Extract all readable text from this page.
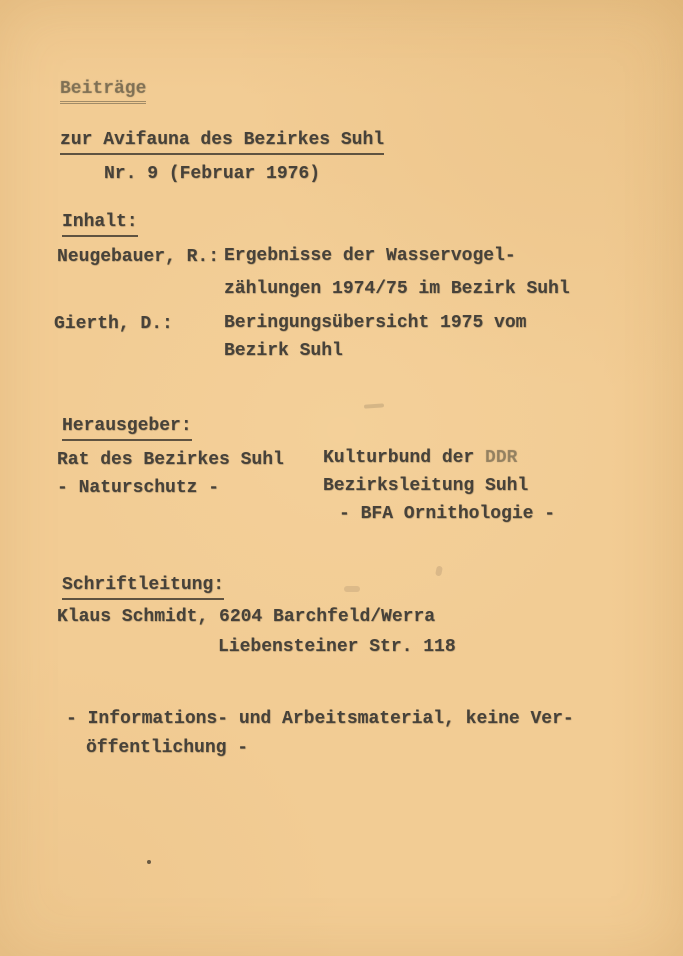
Beiträge
zur Avifauna des Bezirkes Suhl
Nr. 9 (Februar 1976)
Inhalt:
Neugebauer, R.: Ergebnisse der Wasservogel-
zählungen 1974/75 im Bezirk Suhl
Gierth, D.:	Beringungsübersicht 1975 vom
Bezirk Suhl
Herausgeber:
Rat des Bezirkes Suhl
- Naturschutz -
Kulturbund der DDR
Bezirksleitung Suhl
- BFA Ornithologie -
Schriftleitung:
Klaus Schmidt, 6204 Barchfeld/Werra
Liebensteiner Str. 118
- Informations- und Arbeitsmaterial, keine Ver-
öffentlichung -
